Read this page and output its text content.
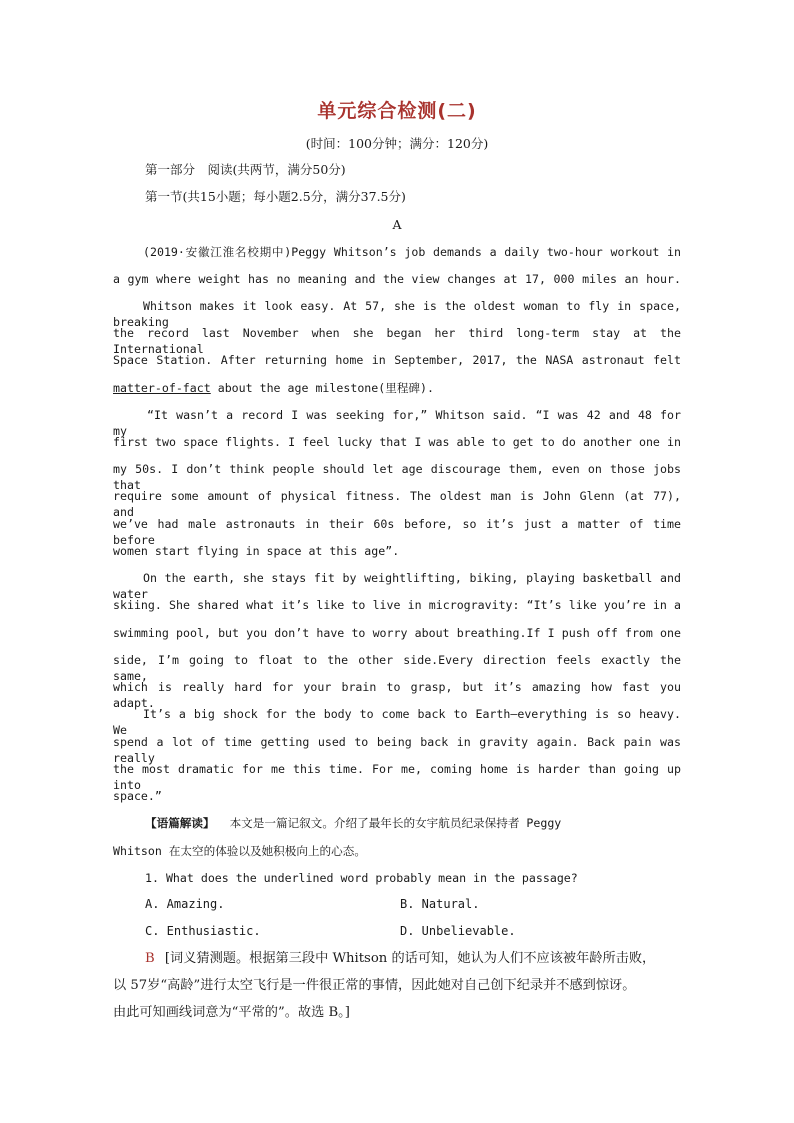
单元综合检测(二)
(时间：100分钟；满分：120分)
第一部分　阅读(共两节，满分50分)
第一节(共15小题；每小题2.5分，满分37.5分)
A
(2019·安徽江淮名校期中)Peggy Whitson’s job demands a daily two-hour workout in
a gym where weight has no meaning and the view changes at 17, 000 miles an hour.
Whitson makes it look easy. At 57, she is the oldest woman to fly in space, breaking
the record last November when she began her third long-term stay at the International
Space Station. After returning home in September, 2017, the NASA astronaut felt
matter-of-fact about the age milestone(里程碑).
“It wasn’t a record I was seeking for,” Whitson said. “I was 42 and 48 for my
first two space flights. I feel lucky that I was able to get to do another one in
my 50s. I don’t think people should let age discourage them, even on those jobs that
require some amount of physical fitness. The oldest man is John Glenn (at 77), and
we’ve had male astronauts in their 60s before, so it’s just a matter of time before
women start flying in space at this age”.
On the earth, she stays fit by weightlifting, biking, playing basketball and water
skiing. She shared what it’s like to live in microgravity: “It’s like you’re in a
swimming pool, but you don’t have to worry about breathing.If I push off from one
side, I’m going to float to the other side.Every direction feels exactly the same,
which is really hard for your brain to grasp, but it’s amazing how fast you adapt.
It’s a big shock for the body to come back to Earth—everything is so heavy. We
spend a lot of time getting used to being back in gravity again. Back pain was really
the most dramatic for me this time. For me, coming home is harder than going up into
space.”
【语篇解读】 本文是一篇记叙文。介绍了最年长的女宇航员纪录保持者 Peggy
Whitson 在太空的体验以及她积极向上的心态。
1. What does the underlined word probably mean in the passage?
A. Amazing.	B. Natural.
C. Enthusiastic.	D. Unbelievable.
B [词义猜测题。根据第三段中 Whitson 的话可知，她认为人们不应该被年龄所击败，
以 57岁“高龄”进行太空飞行是一件很正常的事情，因此她对自己创下纪录并不感到惊讶。
由此可知画线词意为“平常的”。故选 B。]
